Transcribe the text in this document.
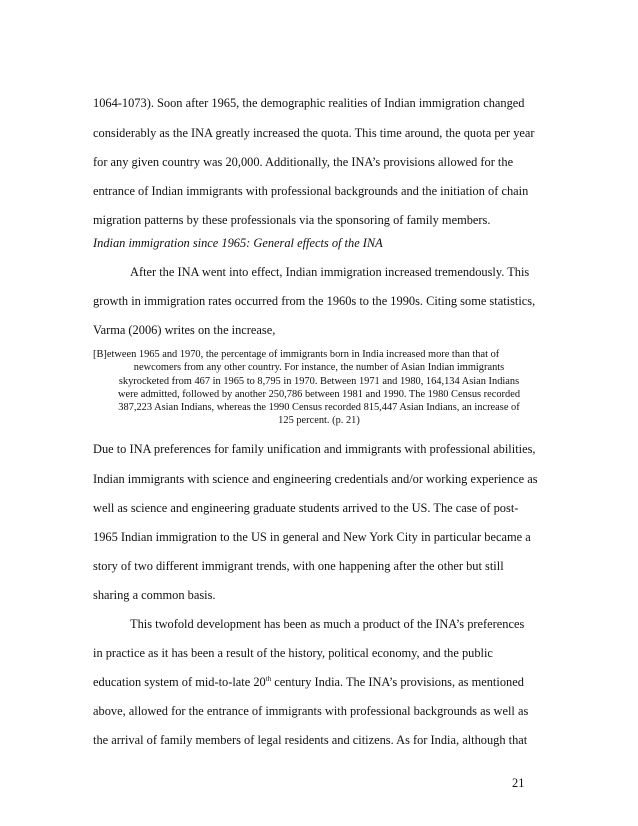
1064-1073). Soon after 1965, the demographic realities of Indian immigration changed
considerably as the INA greatly increased the quota. This time around, the quota per year
for any given country was 20,000. Additionally, the INA’s provisions allowed for the
entrance of Indian immigrants with professional backgrounds and the initiation of chain
migration patterns by these professionals via the sponsoring of family members.
Indian immigration since 1965: General effects of the INA
After the INA went into effect, Indian immigration increased tremendously. This
growth in immigration rates occurred from the 1960s to the 1990s. Citing some statistics,
Varma (2006) writes on the increase,
[B]etween 1965 and 1970, the percentage of immigrants born in India increased more than that of
newcomers from any other country. For instance, the number of Asian Indian immigrants
skyrocketed from 467 in 1965 to 8,795 in 1970. Between 1971 and 1980, 164,134 Asian Indians
were admitted, followed by another 250,786 between 1981 and 1990. The 1980 Census recorded
387,223 Asian Indians, whereas the 1990 Census recorded 815,447 Asian Indians, an increase of
125 percent. (p. 21)
Due to INA preferences for family unification and immigrants with professional abilities,
Indian immigrants with science and engineering credentials and/or working experience as
well as science and engineering graduate students arrived to the US. The case of post-
1965 Indian immigration to the US in general and New York City in particular became a
story of two different immigrant trends, with one happening after the other but still
sharing a common basis.
This twofold development has been as much a product of the INA’s preferences
in practice as it has been a result of the history, political economy, and the public
education system of mid-to-late 20th century India. The INA’s provisions, as mentioned
above, allowed for the entrance of immigrants with professional backgrounds as well as
the arrival of family members of legal residents and citizens. As for India, although that
21
